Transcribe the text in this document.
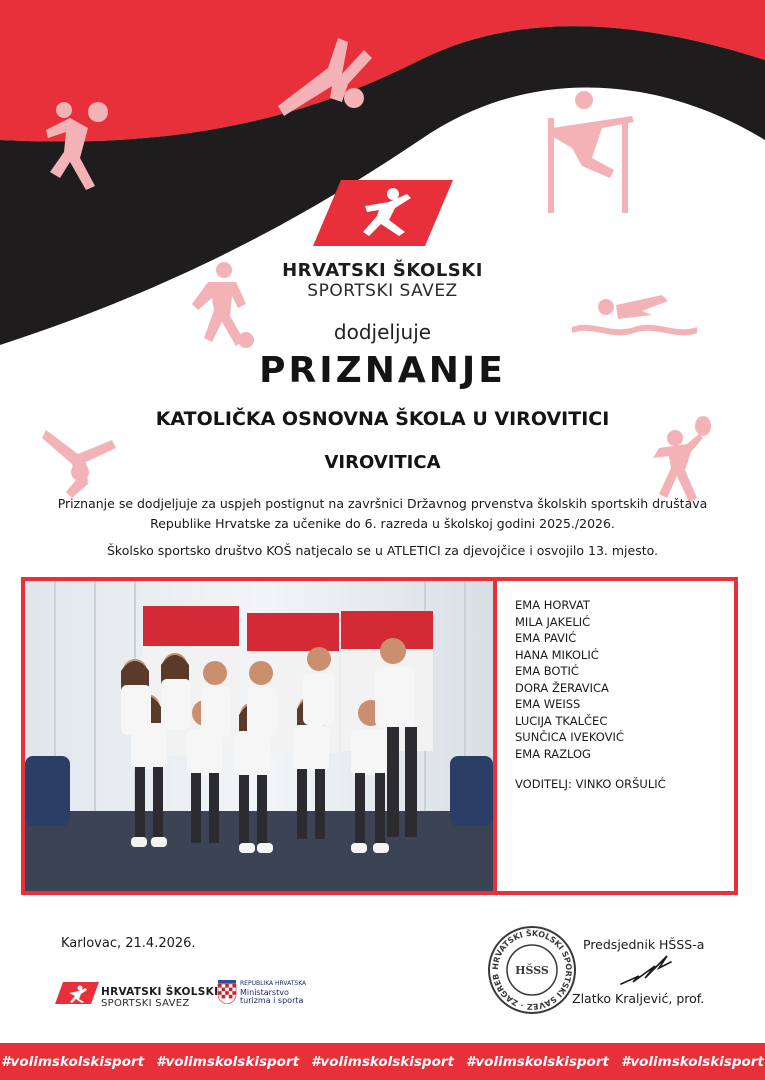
HRVATSKI ŠKOLSKI
SPORTSKI SAVEZ
dodjeljuje
PRIZNANJE
KATOLIČKA OSNOVNA ŠKOLA U VIROVITICI
VIROVITICA
Priznanje se dodjeljuje za uspjeh postignut na završnici Državnog prvenstva školskih sportskih društava
Republike Hrvatske za učenike do 6. razreda u školskoj godini 2025./2026.
Školsko sportsko društvo KOŠ natjecalo se u ATLETICI za djevojčice i osvojilo 13. mjesto.
EMA HORVAT
MILA JAKELIĆ
EMA PAVIĆ
HANA MIKOLIĆ
EMA BOTIĆ
DORA ŽERAVICA
EMA WEISS
LUCIJA TKALČEC
SUNČICA IVEKOVIĆ
EMA RAZLOG
VODITELJ: VINKO ORŠULIĆ
Karlovac, 21.4.2026.
HRVATSKI ŠKOLSKI
SPORTSKI SAVEZ
REPUBLIKA HRVATSKA
Ministarstvo
turizma i sporta
HRVATSKI ŠKOLSKI SPORTSKI SAVEZ · ZAGREB	HŠSS
Predsjednik HŠSS-a
Zlatko Kraljević, prof.
#volimskolskisport #volimskolskisport #volimskolskisport #volimskolskisport #volimskolskisport
